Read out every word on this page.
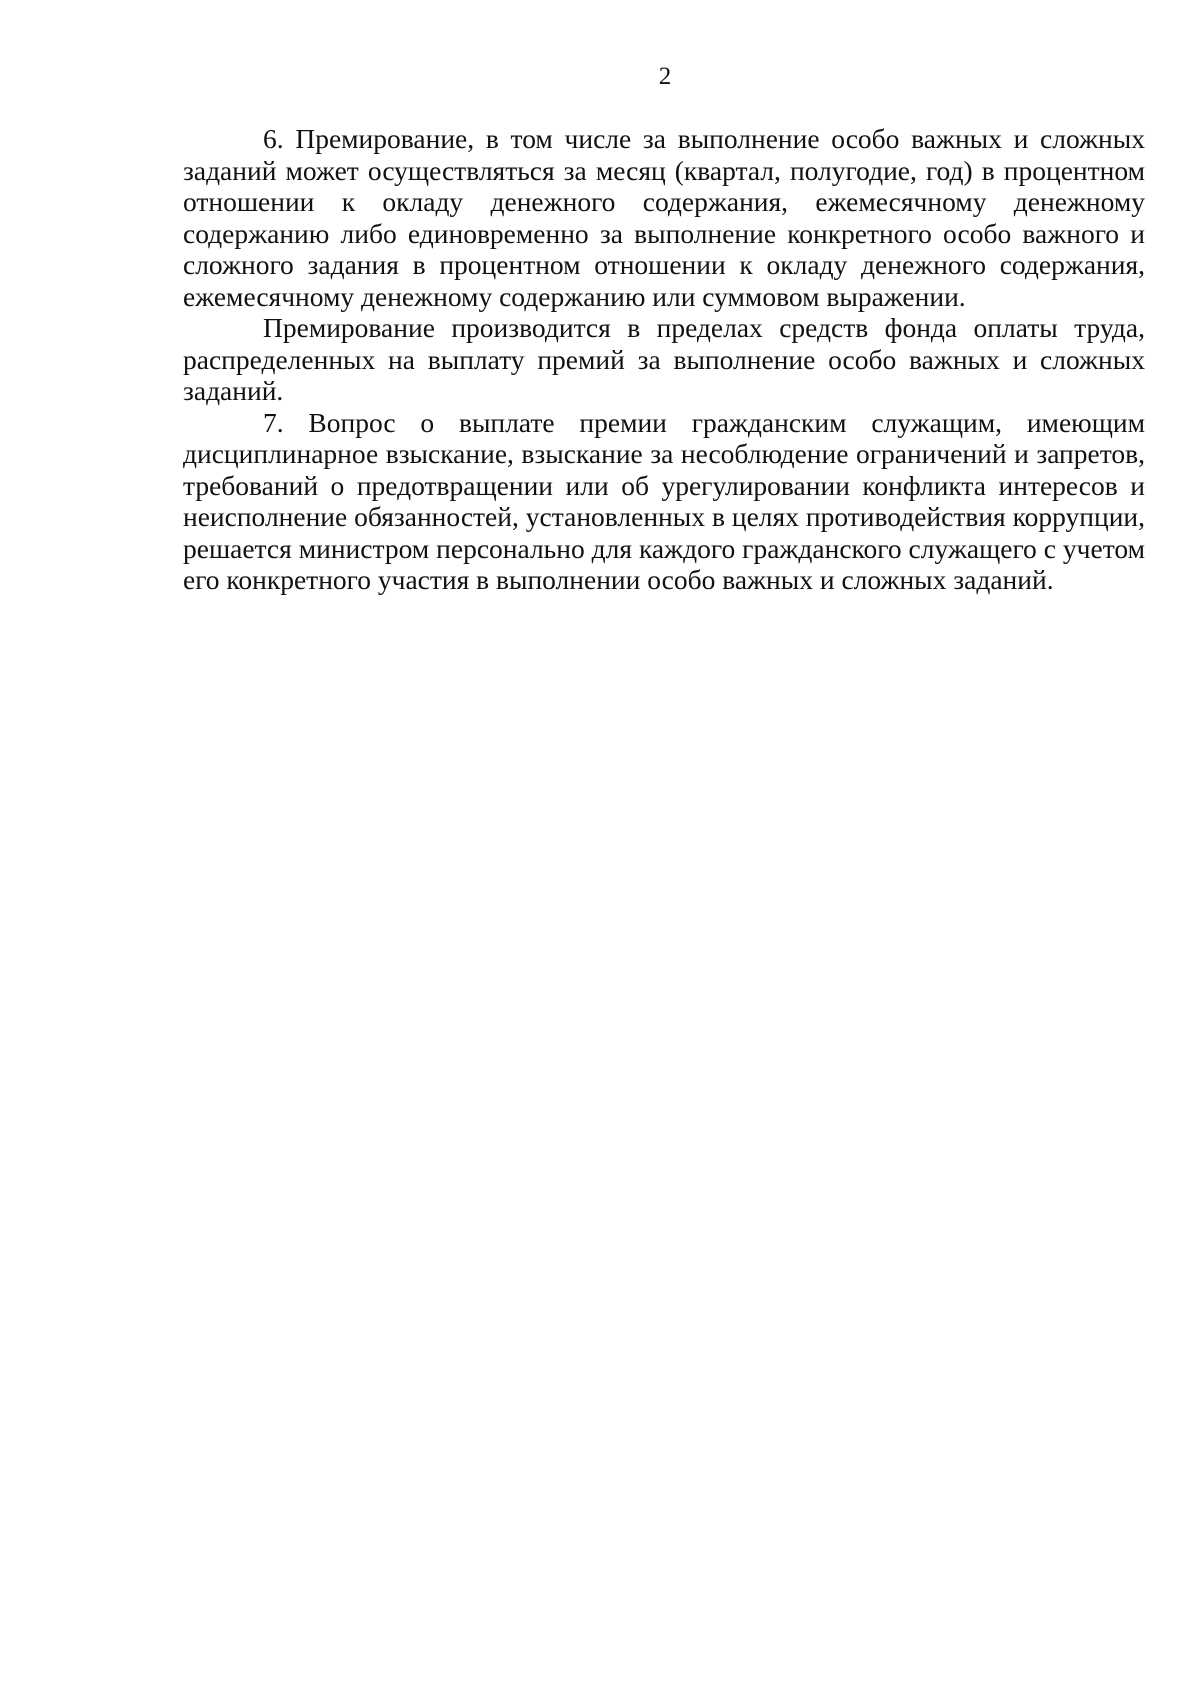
2

6. Премирование, в том числе за выполнение особо важных и сложных заданий может осуществляться за месяц (квартал, полугодие, год) в процентном отношении к окладу денежного содержания, ежемесячному денежному содержанию либо единовременно за выполнение конкретного особо важного и сложного задания в процентном отношении к окладу денежного содержания, ежемесячному денежному содержанию или суммовом выражении.

Премирование производится в пределах средств фонда оплаты труда, распределенных на выплату премий за выполнение особо важных и сложных заданий.

7. Вопрос о выплате премии гражданским служащим, имеющим дисциплинарное взыскание, взыскание за несоблюдение ограничений и запретов, требований о предотвращении или об урегулировании конфликта интересов и неисполнение обязанностей, установленных в целях противодействия коррупции, решается министром персонально для каждого гражданского служащего с учетом его конкретного участия в выполнении особо важных и сложных заданий.
